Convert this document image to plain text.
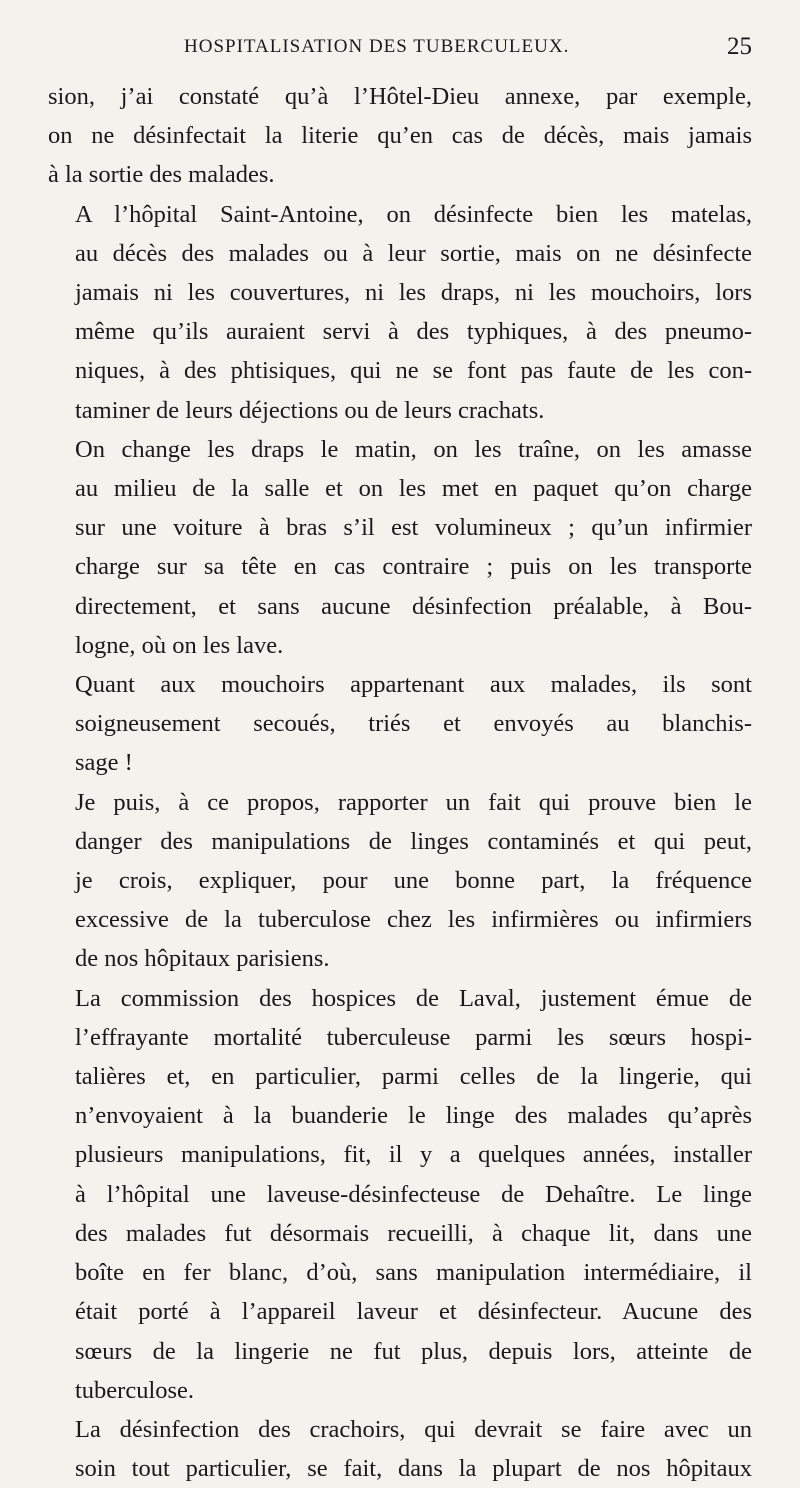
HOSPITALISATION DES TUBERCULEUX.	25

sion, j’ai constaté qu’à l’Hôtel-Dieu annexe, par exemple,
on ne désinfectait la literie qu’en cas de décès, mais jamais
à la sortie des malades.

A l’hôpital Saint-Antoine, on désinfecte bien les matelas,
au décès des malades ou à leur sortie, mais on ne désinfecte
jamais ni les couvertures, ni les draps, ni les mouchoirs, lors
même qu’ils auraient servi à des typhiques, à des pneumo-
niques, à des phtisiques, qui ne se font pas faute de les con-
taminer de leurs déjections ou de leurs crachats.

On change les draps le matin, on les traîne, on les amasse
au milieu de la salle et on les met en paquet qu’on charge
sur une voiture à bras s’il est volumineux ; qu’un infirmier
charge sur sa tête en cas contraire ; puis on les transporte
directement, et sans aucune désinfection préalable, à Bou-
logne, où on les lave.

Quant aux mouchoirs appartenant aux malades, ils sont
soigneusement secoués, triés et envoyés au blanchis-
sage !

Je puis, à ce propos, rapporter un fait qui prouve bien le
danger des manipulations de linges contaminés et qui peut,
je crois, expliquer, pour une bonne part, la fréquence
excessive de la tuberculose chez les infirmières ou infirmiers
de nos hôpitaux parisiens.

La commission des hospices de Laval, justement émue de
l’effrayante mortalité tuberculeuse parmi les sœurs hospi-
talières et, en particulier, parmi celles de la lingerie, qui
n’envoyaient à la buanderie le linge des malades qu’après
plusieurs manipulations, fit, il y a quelques années, installer
à l’hôpital une laveuse-désinfecteuse de Dehaître. Le linge
des malades fut désormais recueilli, à chaque lit, dans une
boîte en fer blanc, d’où, sans manipulation intermédiaire, il
était porté à l’appareil laveur et désinfecteur. Aucune des
sœurs de la lingerie ne fut plus, depuis lors, atteinte de
tuberculose.

La désinfection des crachoirs, qui devrait se faire avec un
soin tout particulier, se fait, dans la plupart de nos hôpitaux
